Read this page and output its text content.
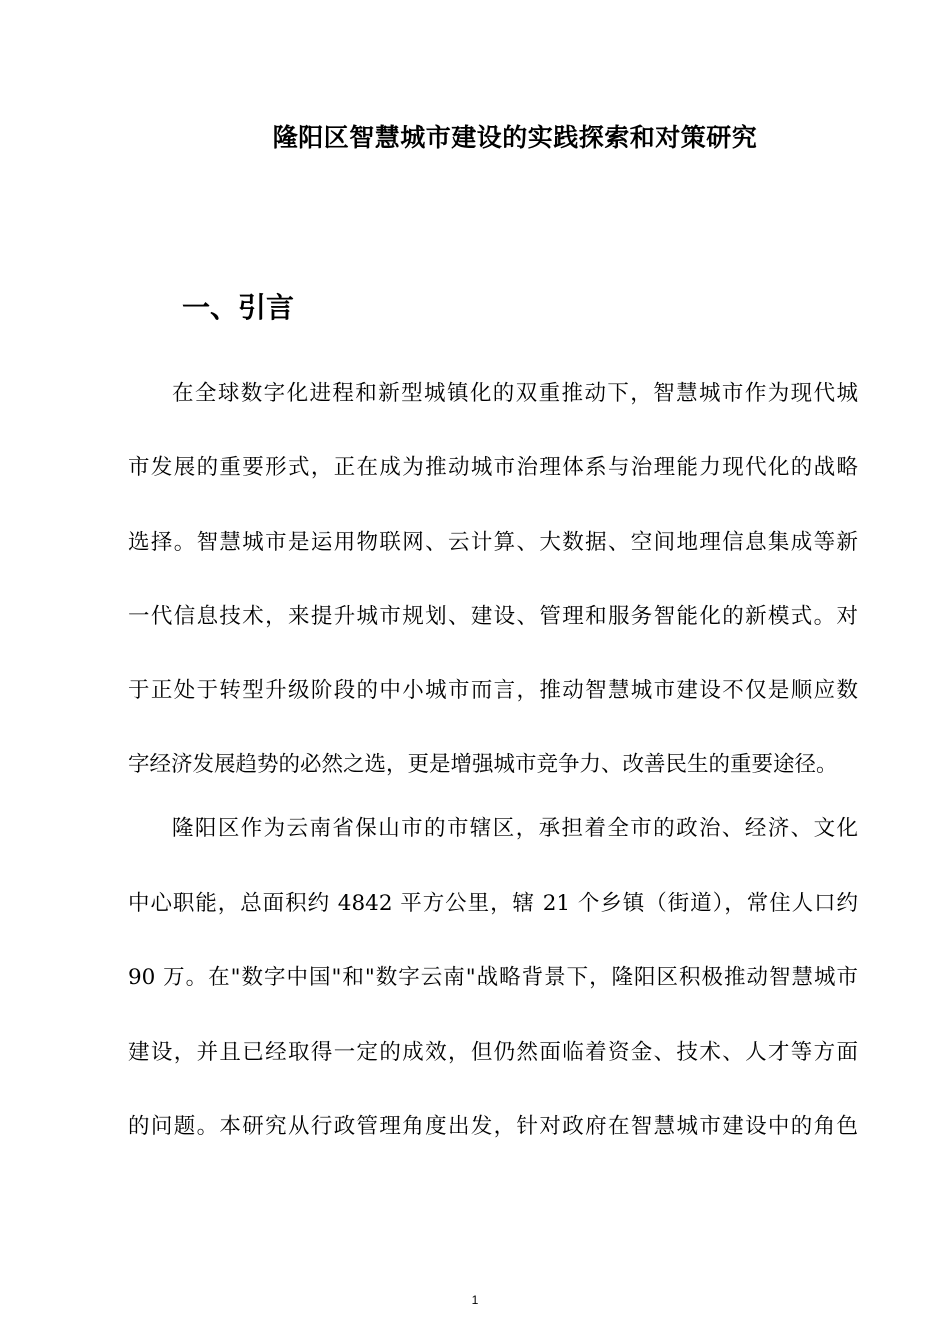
隆阳区智慧城市建设的实践探索和对策研究
一、引言
在全球数字化进程和新型城镇化的双重推动下，智慧城市作为现代城
市发展的重要形式，正在成为推动城市治理体系与治理能力现代化的战略
选择。智慧城市是运用物联网、云计算、大数据、空间地理信息集成等新
一代信息技术，来提升城市规划、建设、管理和服务智能化的新模式。对
于正处于转型升级阶段的中小城市而言，推动智慧城市建设不仅是顺应数
字经济发展趋势的必然之选，更是增强城市竞争力、改善民生的重要途径。
隆阳区作为云南省保山市的市辖区，承担着全市的政治、经济、文化
中心职能，总面积约 4842 平方公里，辖 21 个乡镇（街道），常住人口约
90 万。在"数字中国"和"数字云南"战略背景下，隆阳区积极推动智慧城市
建设，并且已经取得一定的成效，但仍然面临着资金、技术、人才等方面
的问题。本研究从行政管理角度出发，针对政府在智慧城市建设中的角色
1
